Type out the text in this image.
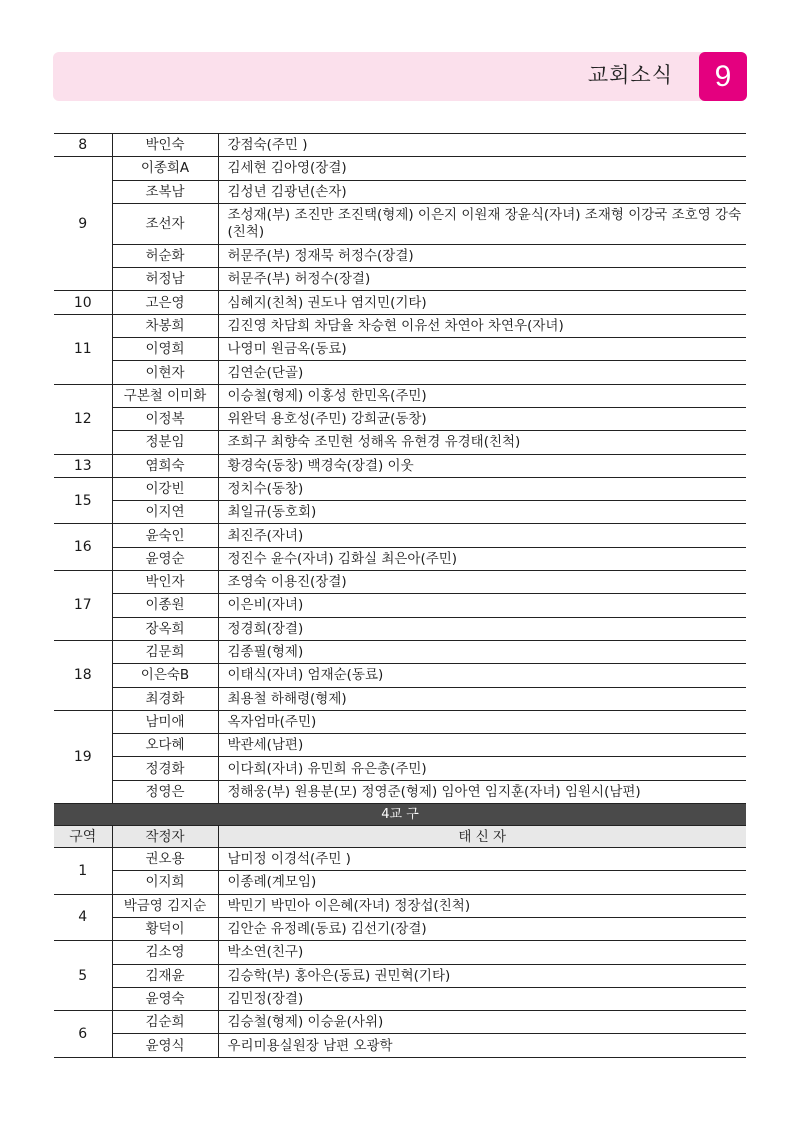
교회소식	9
8	박인숙	강점숙(주민 )
9	이종희A	김세현 김아영(장결)
	조복남	김성년 김광년(손자)
	조선자	조성재(부) 조진만 조진택(형제) 이은지 이원재 장윤식(자녀) 조재형 이강국 조호영 강숙(친척)
	허순화	허문주(부) 정재묵 허정수(장결)
	허정남	허문주(부) 허정수(장결)
10	고은영	심혜지(친척) 권도나 염지민(기타)
11	차봉희	김진영 차담희 차담율 차승현 이유선 차연아 차연우(자녀)
	이영희	나영미 원금옥(동료)
	이현자	김연순(단골)
12	구본철 이미화	이승철(형제) 이홍성 한민옥(주민)
	이정복	위완덕 용호성(주민) 강희균(동창)
	정분임	조희구 최향숙 조민현 성해옥 유현경 유경태(친척)
13	염희숙	황경숙(동창) 백경숙(장결) 이웃
15	이강빈	정치수(동창)
	이지연	최일규(동호회)
16	윤숙인	최진주(자녀)
	윤영순	정진수 윤수(자녀) 김화실 최은아(주민)
17	박인자	조영숙 이용진(장결)
	이종원	이은비(자녀)
	장옥희	정경희(장결)
18	김문희	김종필(형제)
	이은숙B	이태식(자녀) 엄재순(동료)
	최경화	최용철 하해령(형제)
19	남미애	옥자엄마(주민)
	오다혜	박관세(남편)
	정경화	이다희(자녀) 유민희 유은총(주민)
	정영은	정해웅(부) 원용분(모) 정영준(형제) 임아연 임지훈(자녀) 임원시(남편)
4교 구		
구역	작정자	태 신 자
1	권오용	남미정 이경석(주민 )
	이지희	이종례(계모임)
4	박금영 김지순	박민기 박민아 이은혜(자녀) 정장섭(친척)
	황덕이	김안순 유정례(동료) 김선기(장결)
5	김소영	박소연(친구)
	김재윤	김승학(부) 홍아은(동료) 권민혁(기타)
	윤영숙	김민정(장결)
6	김순희	김승철(형제) 이승윤(사위)
	윤영식	우리미용실원장 남편 오광학
